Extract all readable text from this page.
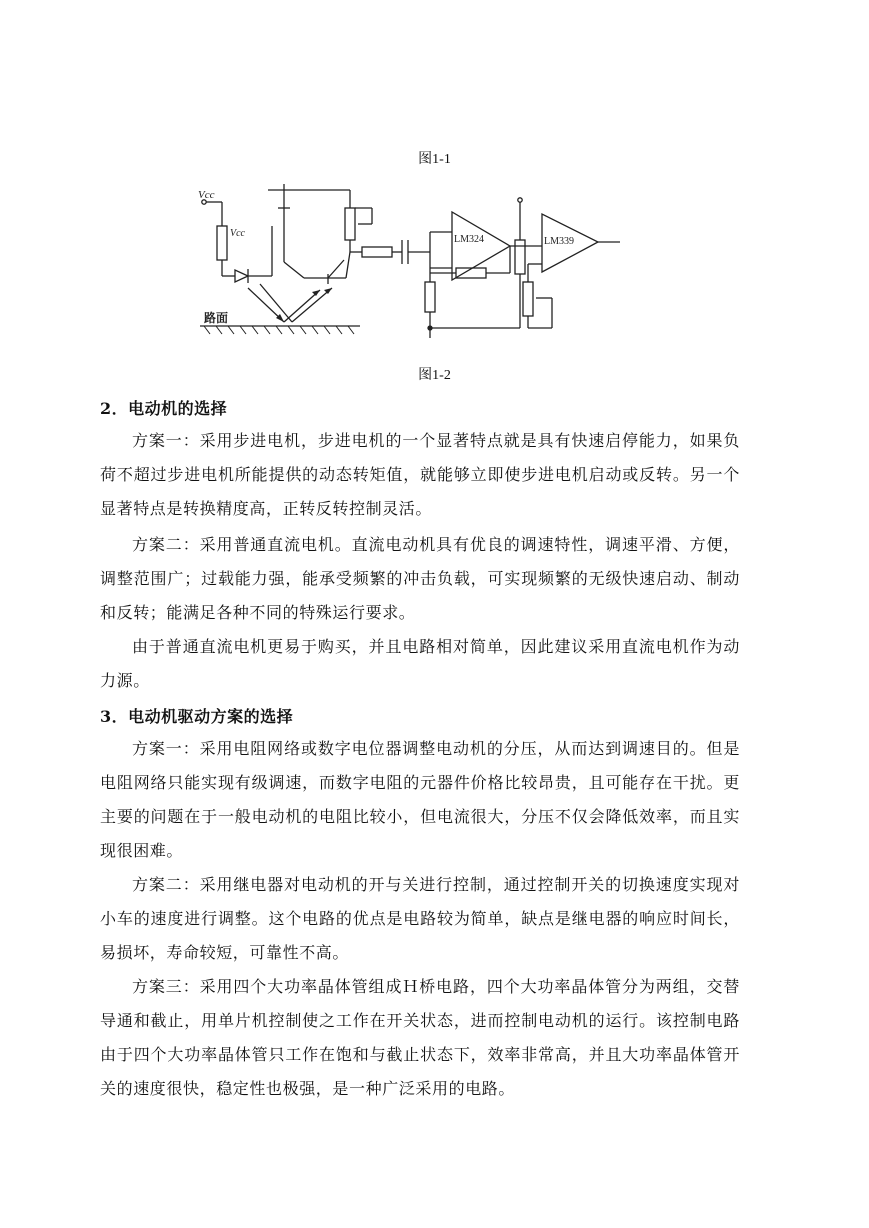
图1-1
Vcc
Vcc
路面
LM324	LM339
图1-2
2．电动机的选择
方案一：采用步进电机，步进电机的一个显著特点就是具有快速启停能力，如果负荷不超过步进电机所能提供的动态转矩值，就能够立即使步进电机启动或反转。另一个显著特点是转换精度高，正转反转控制灵活。
方案二：采用普通直流电机。直流电动机具有优良的调速特性，调速平滑、方便，调整范围广；过载能力强，能承受频繁的冲击负载，可实现频繁的无级快速启动、制动和反转；能满足各种不同的特殊运行要求。
由于普通直流电机更易于购买，并且电路相对简单，因此建议采用直流电机作为动力源。
3．电动机驱动方案的选择
方案一：采用电阻网络或数字电位器调整电动机的分压，从而达到调速目的。但是电阻网络只能实现有级调速，而数字电阻的元器件价格比较昂贵，且可能存在干扰。更主要的问题在于一般电动机的电阻比较小，但电流很大，分压不仅会降低效率，而且实现很困难。
方案二：采用继电器对电动机的开与关进行控制，通过控制开关的切换速度实现对小车的速度进行调整。这个电路的优点是电路较为简单，缺点是继电器的响应时间长，易损坏，寿命较短，可靠性不高。
方案三：采用四个大功率晶体管组成Ｈ桥电路，四个大功率晶体管分为两组，交替导通和截止，用单片机控制使之工作在开关状态，进而控制电动机的运行。该控制电路由于四个大功率晶体管只工作在饱和与截止状态下，效率非常高，并且大功率晶体管开关的速度很快，稳定性也极强，是一种广泛采用的电路。
